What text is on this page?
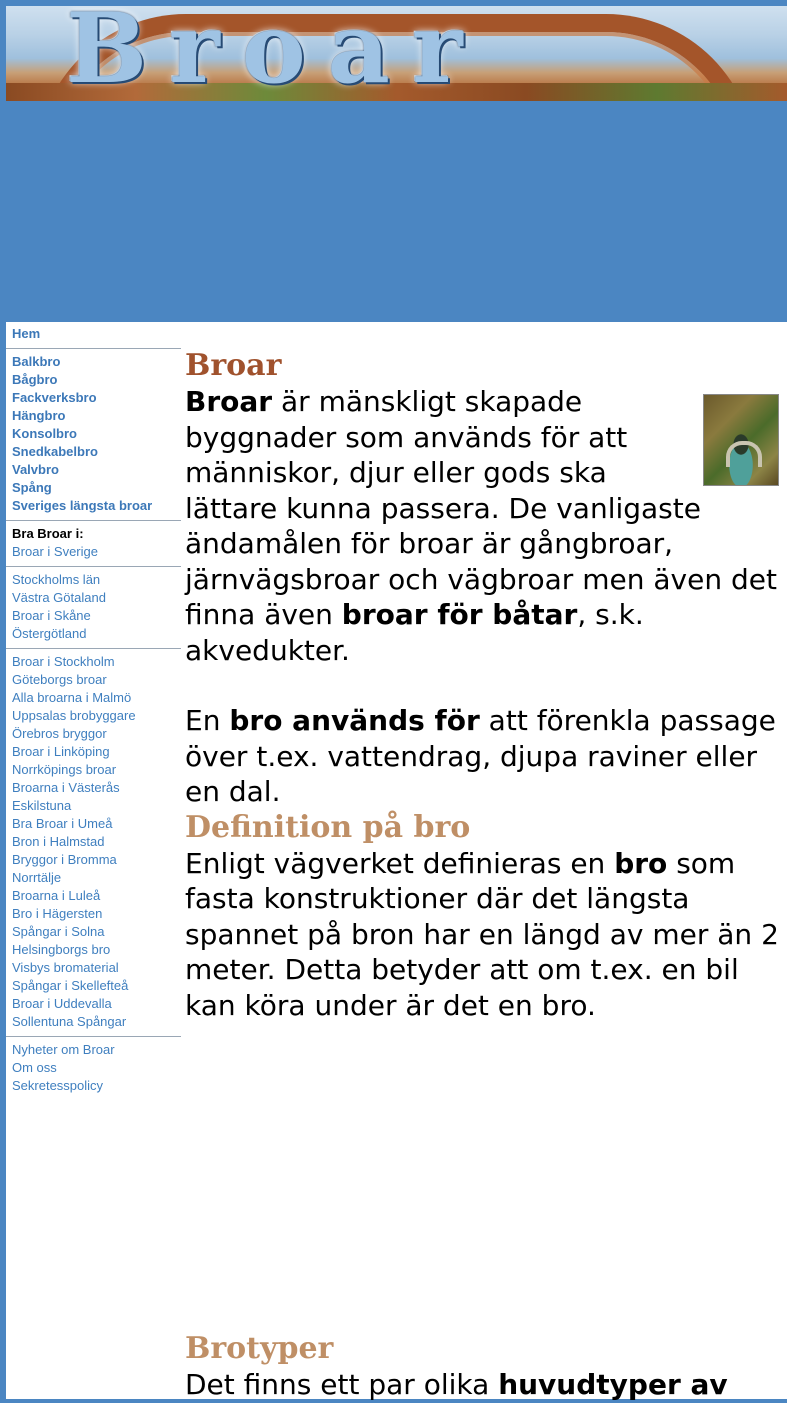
Broar
Hem
Balkbro
Bågbro
Fackverksbro
Hängbro
Konsolbro
Snedkabelbro
Valvbro
Spång
Sveriges längsta broar
Bra Broar i:
Broar i Sverige
Stockholms län
Västra Götaland
Broar i Skåne
Östergötland
Broar i Stockholm
Göteborgs broar
Alla broarna i Malmö
Uppsalas brobyggare
Örebros bryggor
Broar i Linköping
Norrköpings broar
Broarna i Västerås
Eskilstuna
Bra Broar i Umeå
Bron i Halmstad
Bryggor i Bromma
Norrtälje
Broarna i Luleå
Bro i Hägersten
Spångar i Solna
Helsingborgs bro
Visbys bromaterial
Spångar i Skellefteå
Broar i Uddevalla
Sollentuna Spångar
Nyheter om Broar
Om oss
Sekretesspolicy
Broar

Broar är mänskligt skapade byggnader som används för att människor, djur eller gods ska lättare kunna passera. De vanligaste ändamålen för broar är gångbroar, järnvägsbroar och vägbroar men även det finna även broar för båtar, s.k. akvedukter.

En bro används för att förenkla passage över t.ex. vattendrag, djupa raviner eller en dal.

Definition på bro

Enligt vägverket definieras en bro som fasta konstruktioner där det längsta spannet på bron har en längd av mer än 2 meter. Detta betyder att om t.ex. en bil kan köra under är det en bro.

Brotyper

Det finns ett par olika huvudtyper av
